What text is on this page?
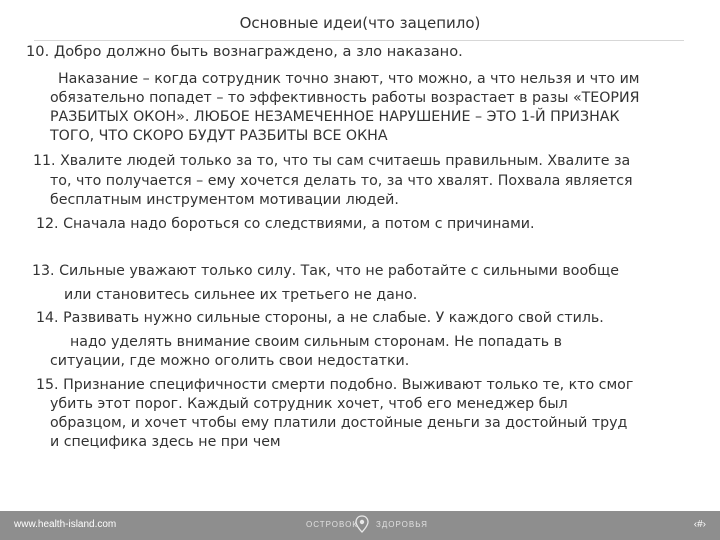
Основные идеи(что зацепило)
10. Добро должно быть вознаграждено, а зло наказано.
Наказание – когда сотрудник точно знают, что можно, а что нельзя и что им
обязательно попадет – то эффективность работы возрастает в разы «ТЕОРИЯ
РАЗБИТЫХ ОКОН». ЛЮБОЕ НЕЗАМЕЧЕННОЕ НАРУШЕНИЕ – ЭТО 1-Й ПРИЗНАК
ТОГО, ЧТО СКОРО БУДУТ РАЗБИТЫ ВСЕ ОКНА
11. Хвалите людей только за то, что ты сам считаешь правильным. Хвалите за
то, что получается – ему хочется делать то, за что хвалят. Похвала является
бесплатным инструментом мотивации людей.
12. Сначала надо бороться со следствиями, а потом с причинами.
13. Сильные уважают только силу. Так, что не работайте с сильными вообще
или становитесь сильнее их третьего не дано.
14. Развивать нужно сильные стороны, а не слабые. У каждого свой стиль.
надо уделять внимание своим сильным сторонам. Не попадать в
ситуации, где можно оголить свои недостатки.
15. Признание специфичности смерти подобно. Выживают только те, кто смог
убить этот порог. Каждый сотрудник хочет, чтоб его менеджер был
образцом, и хочет чтобы ему платили достойные деньги за достойный труд
и специфика здесь не при чем
www.health-island.com	ОСТРОВОК ЗДОРОВЬЯ	‹#›
